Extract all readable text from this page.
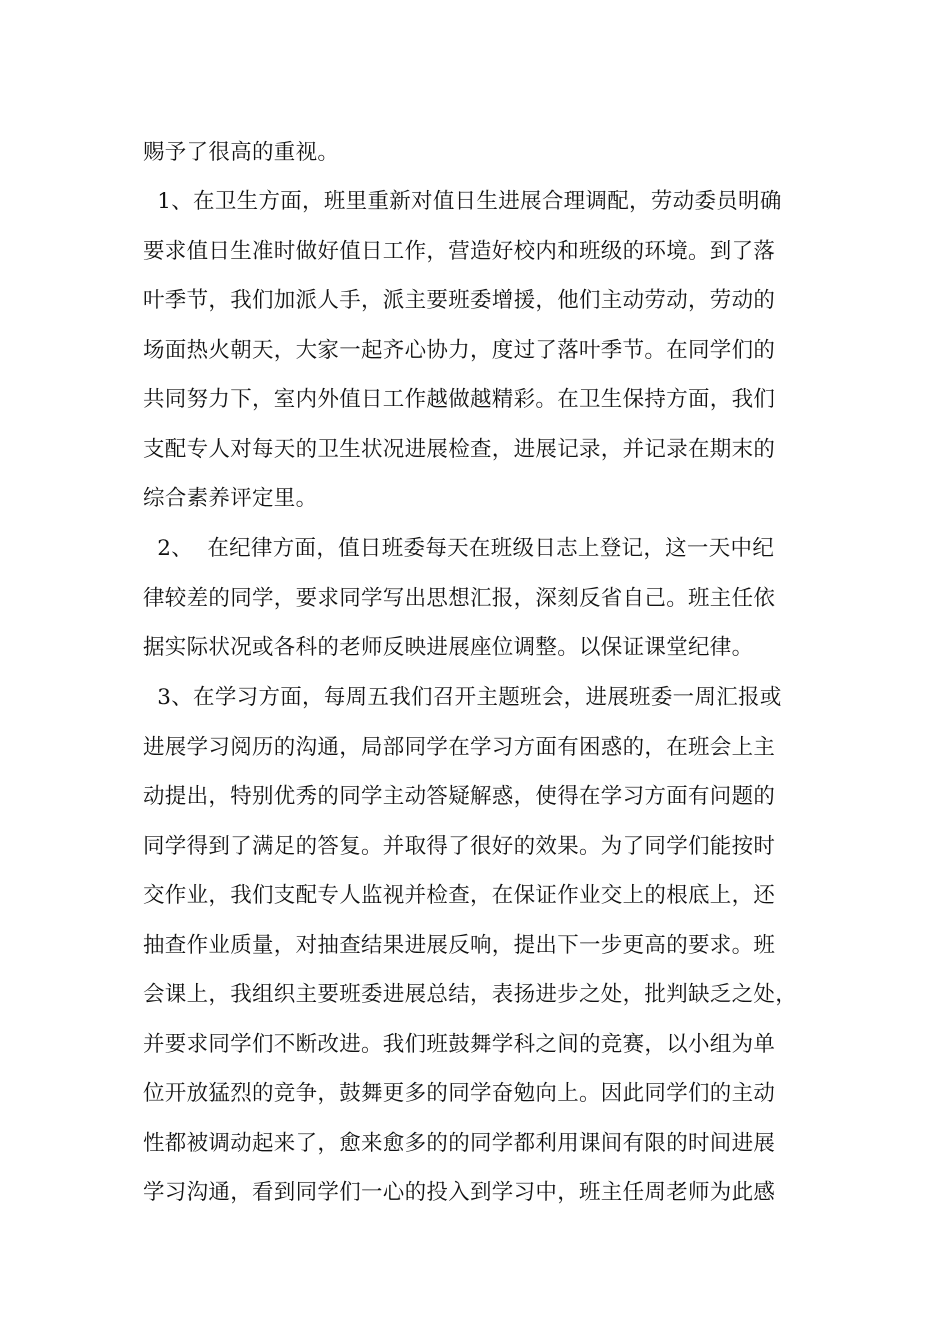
赐予了很高的重视。
1、在卫生方面，班里重新对值日生进展合理调配，劳动委员明确
要求值日生准时做好值日工作，营造好校内和班级的环境。到了落
叶季节，我们加派人手，派主要班委增援，他们主动劳动，劳动的
场面热火朝天，大家一起齐心协力，度过了落叶季节。在同学们的
共同努力下，室内外值日工作越做越精彩。在卫生保持方面，我们
支配专人对每天的卫生状况进展检查，进展记录，并记录在期末的
综合素养评定里。
2、  在纪律方面，值日班委每天在班级日志上登记，这一天中纪
律较差的同学，要求同学写出思想汇报，深刻反省自己。班主任依
据实际状况或各科的老师反映进展座位调整。以保证课堂纪律。
3、在学习方面，每周五我们召开主题班会，进展班委一周汇报或
进展学习阅历的沟通，局部同学在学习方面有困惑的，在班会上主
动提出，特别优秀的同学主动答疑解惑，使得在学习方面有问题的
同学得到了满足的答复。并取得了很好的效果。为了同学们能按时
交作业，我们支配专人监视并检查，在保证作业交上的根底上，还
抽查作业质量，对抽查结果进展反响，提出下一步更高的要求。班
会课上，我组织主要班委进展总结，表扬进步之处，批判缺乏之处，
并要求同学们不断改进。我们班鼓舞学科之间的竞赛，以小组为单
位开放猛烈的竞争，鼓舞更多的同学奋勉向上。因此同学们的主动
性都被调动起来了，愈来愈多的的同学都利用课间有限的时间进展
学习沟通，看到同学们一心的投入到学习中，班主任周老师为此感
